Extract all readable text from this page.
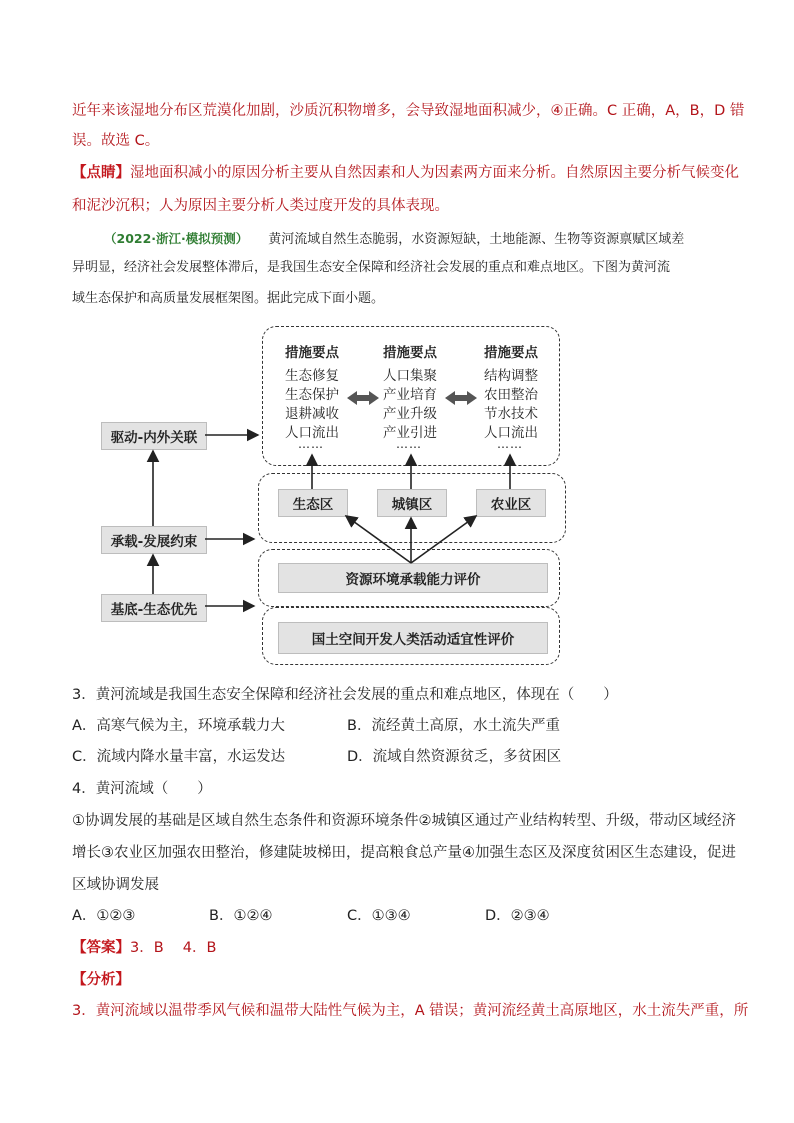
近年来该湿地分布区荒漠化加剧，沙质沉积物增多，会导致湿地面积减少，④正确。C 正确，A，B，D 错
误。故选 C。
【点睛】湿地面积减小的原因分析主要从自然因素和人为因素两方面来分析。自然原因主要分析气候变化
和泥沙沉积；人为原因主要分析人类过度开发的具体表现。
（2022·浙江·模拟预测） 黄河流域自然生态脆弱，水资源短缺，土地能源、生物等资源禀赋区域差
异明显，经济社会发展整体滞后，是我国生态安全保障和经济社会发展的重点和难点地区。下图为黄河流
域生态保护和高质量发展框架图。据此完成下面小题。
措施要点
生态修复
生态保护
退耕减收
人口流出
措施要点
人口集聚
产业培育
产业升级
产业引进
措施要点
结构调整
农田整治
节水技术
人口流出
……	……	……
驱动-内外关联
承载-发展约束
基底-生态优先
生态区	城镇区	农业区
资源环境承载能力评价
国土空间开发人类活动适宜性评价
3．黄河流域是我国生态安全保障和经济社会发展的重点和难点地区，体现在（　　）
A．高寒气候为主，环境承载力大	B．流经黄土高原，水土流失严重
C．流域内降水量丰富，水运发达	D．流域自然资源贫乏，多贫困区
4．黄河流域（　　）
①协调发展的基础是区域自然生态条件和资源环境条件②城镇区通过产业结构转型、升级，带动区域经济
增长③农业区加强农田整治，修建陡坡梯田，提高粮食总产量④加强生态区及深度贫困区生态建设，促进
区域协调发展
A．①②③	B．①②④	C．①③④	D．②③④
【答案】3．B　 4．B
【分析】
3．黄河流域以温带季风气候和温带大陆性气候为主，A 错误；黄河流经黄土高原地区，水土流失严重，所
